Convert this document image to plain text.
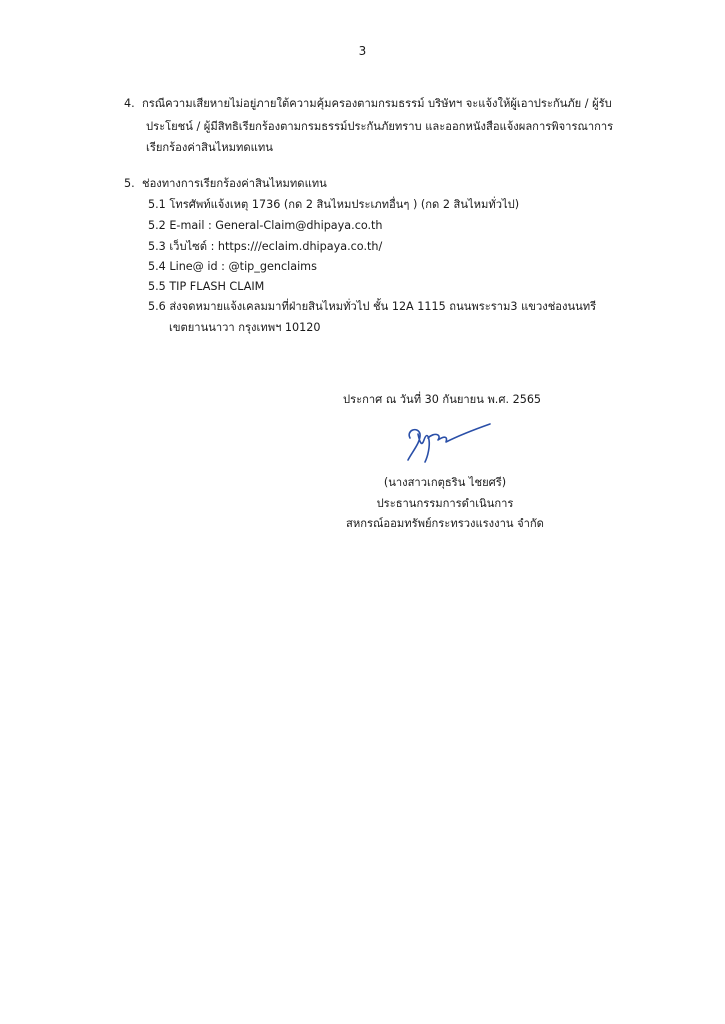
3
4. กรณีความเสียหายไม่อยู่ภายใต้ความคุ้มครองตามกรมธรรม์ บริษัทฯ จะแจ้งให้ผู้เอาประกันภัย / ผู้รับ
ประโยชน์ / ผู้มีสิทธิเรียกร้องตามกรมธรรม์ประกันภัยทราบ และออกหนังสือแจ้งผลการพิจารณาการ
เรียกร้องค่าสินไหมทดแทน
5. ช่องทางการเรียกร้องค่าสินไหมทดแทน
5.1 โทรศัพท์แจ้งเหตุ 1736 (กด 2 สินไหมประเภทอื่นๆ ) (กด 2 สินไหมทั่วไป)
5.2 E-mail : General-Claim@dhipaya.co.th
5.3 เว็บไซต์ : https:///eclaim.dhipaya.co.th/
5.4 Line@ id : @tip_genclaims
5.5 TIP FLASH CLAIM
5.6 ส่งจดหมายแจ้งเคลมมาที่ฝ่ายสินไหมทั่วไป ชั้น 12A 1115 ถนนพระราม3 แขวงช่องนนทรี
เขตยานนาวา กรุงเทพฯ 10120
ประกาศ ณ วันที่ 30 กันยายน พ.ศ. 2565
(นางสาวเกตุธริน ไชยศรี)
ประธานกรรมการดำเนินการ
สหกรณ์ออมทรัพย์กระทรวงแรงงาน จำกัด
